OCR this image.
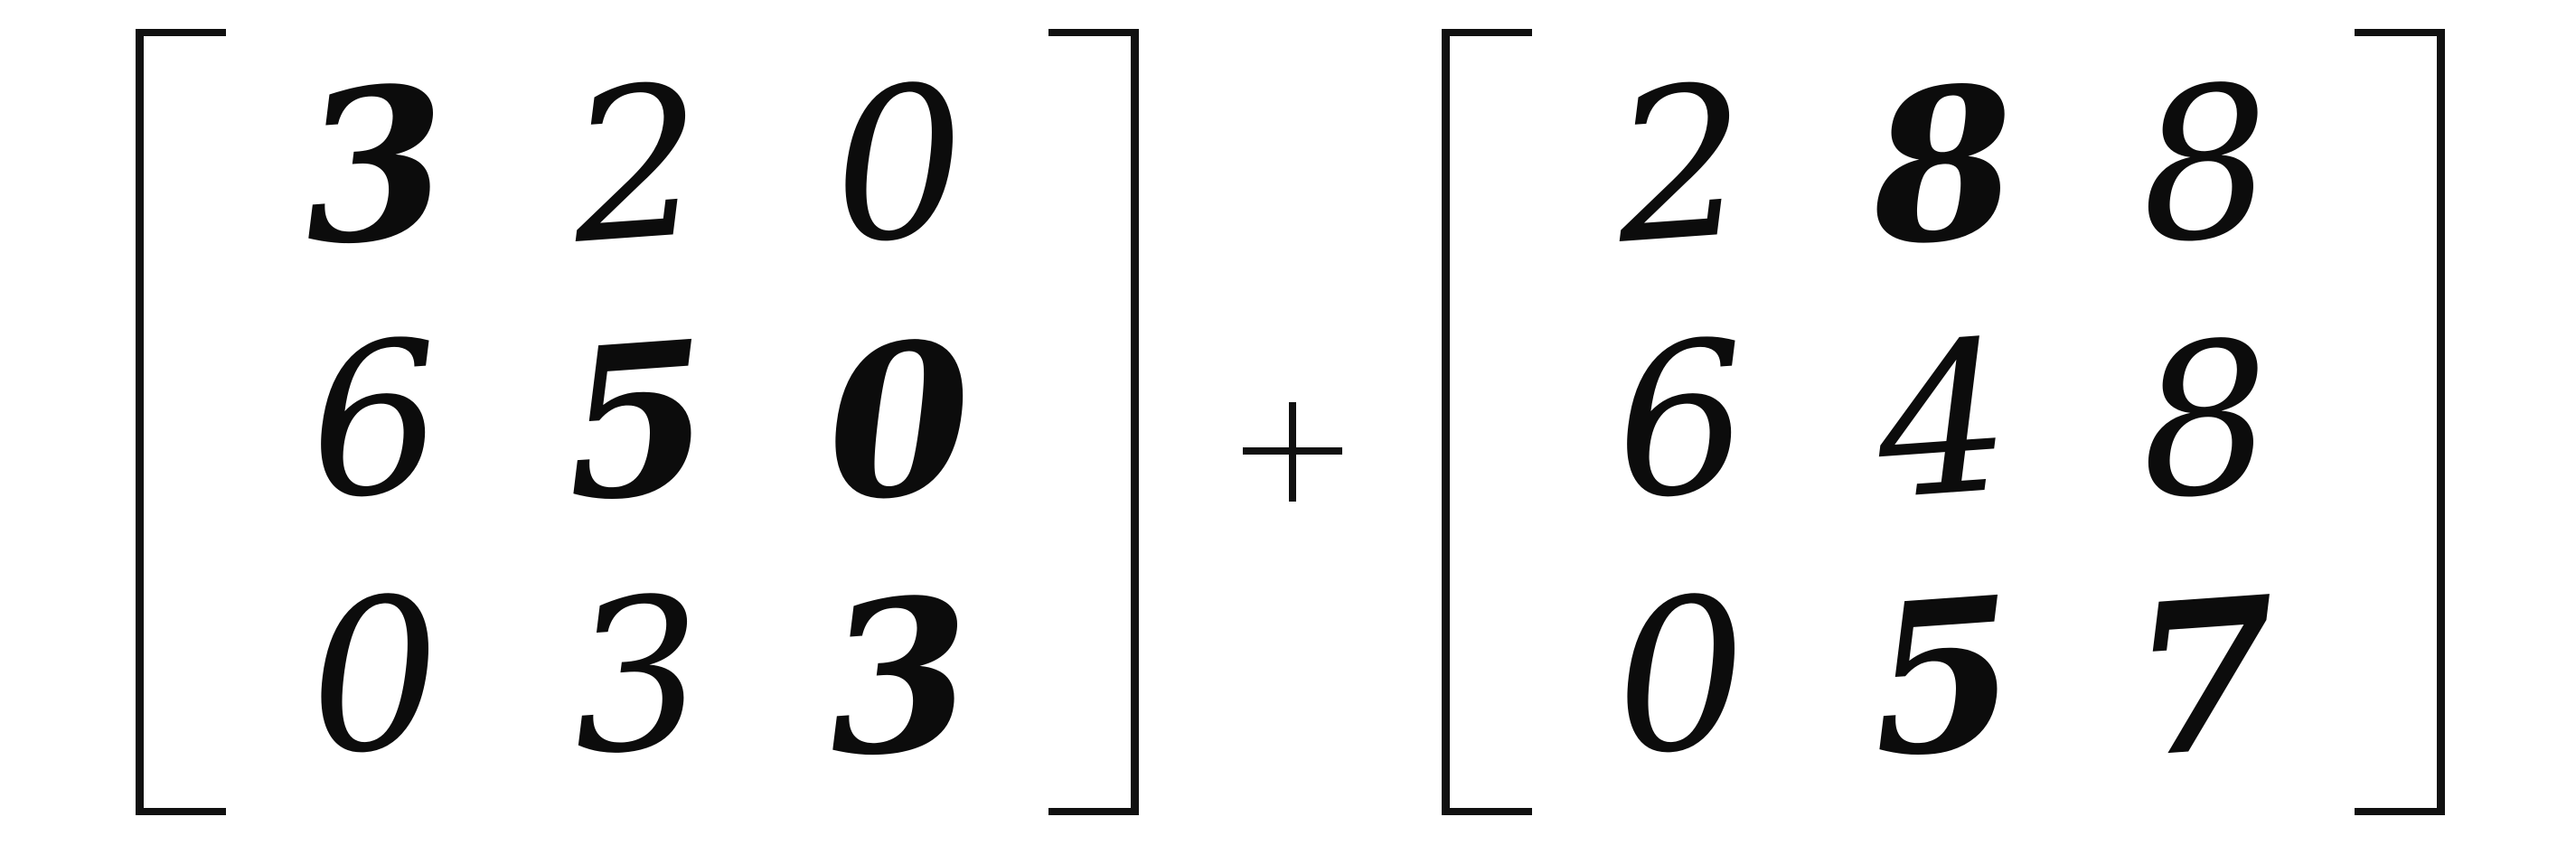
3 2 0
6 5 0
0 3 3
2 8 8
6 4 8
0 5 7
